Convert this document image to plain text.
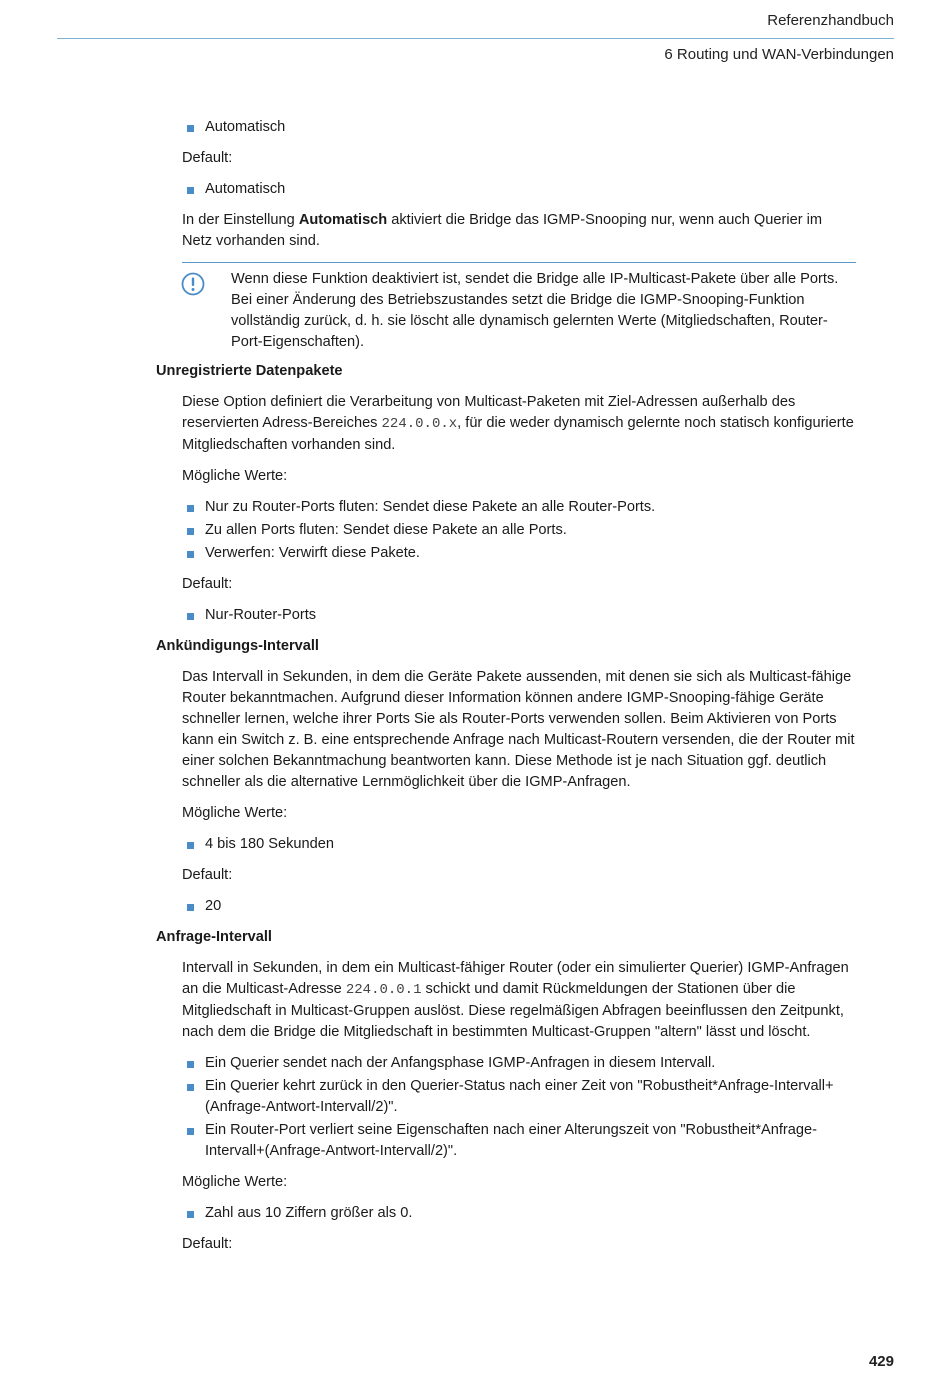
Referenzhandbuch
6 Routing und WAN-Verbindungen
Automatisch
Default:
Automatisch
In der Einstellung Automatisch aktiviert die Bridge das IGMP-Snooping nur, wenn auch Querier im Netz vorhanden sind.
Wenn diese Funktion deaktiviert ist, sendet die Bridge alle IP-Multicast-Pakete über alle Ports. Bei einer Änderung des Betriebszustandes setzt die Bridge die IGMP-Snooping-Funktion vollständig zurück, d. h. sie löscht alle dynamisch gelernten Werte (Mitgliedschaften, Router-Port-Eigenschaften).
Unregistrierte Datenpakete
Diese Option definiert die Verarbeitung von Multicast-Paketen mit Ziel-Adressen außerhalb des reservierten Adress-Bereiches 224.0.0.x, für die weder dynamisch gelernte noch statisch konfigurierte Mitgliedschaften vorhanden sind.
Mögliche Werte:
Nur zu Router-Ports fluten: Sendet diese Pakete an alle Router-Ports.
Zu allen Ports fluten: Sendet diese Pakete an alle Ports.
Verwerfen: Verwirft diese Pakete.
Default:
Nur-Router-Ports
Ankündigungs-Intervall
Das Intervall in Sekunden, in dem die Geräte Pakete aussenden, mit denen sie sich als Multicast-fähige Router bekanntmachen. Aufgrund dieser Information können andere IGMP-Snooping-fähige Geräte schneller lernen, welche ihrer Ports Sie als Router-Ports verwenden sollen. Beim Aktivieren von Ports kann ein Switch z. B. eine entsprechende Anfrage nach Multicast-Routern versenden, die der Router mit einer solchen Bekanntmachung beantworten kann. Diese Methode ist je nach Situation ggf. deutlich schneller als die alternative Lernmöglichkeit über die IGMP-Anfragen.
Mögliche Werte:
4 bis 180 Sekunden
Default:
20
Anfrage-Intervall
Intervall in Sekunden, in dem ein Multicast-fähiger Router (oder ein simulierter Querier) IGMP-Anfragen an die Multicast-Adresse 224.0.0.1 schickt und damit Rückmeldungen der Stationen über die Mitgliedschaft in Multicast-Gruppen auslöst. Diese regelmäßigen Abfragen beeinflussen den Zeitpunkt, nach dem die Bridge die Mitgliedschaft in bestimmten Multicast-Gruppen "altern" lässt und löscht.
Ein Querier sendet nach der Anfangsphase IGMP-Anfragen in diesem Intervall.
Ein Querier kehrt zurück in den Querier-Status nach einer Zeit von "Robustheit*Anfrage-Intervall+(Anfrage-Antwort-Intervall/2)".
Ein Router-Port verliert seine Eigenschaften nach einer Alterungszeit von "Robustheit*Anfrage-Intervall+(Anfrage-Antwort-Intervall/2)".
Mögliche Werte:
Zahl aus 10 Ziffern größer als 0.
Default:
429
